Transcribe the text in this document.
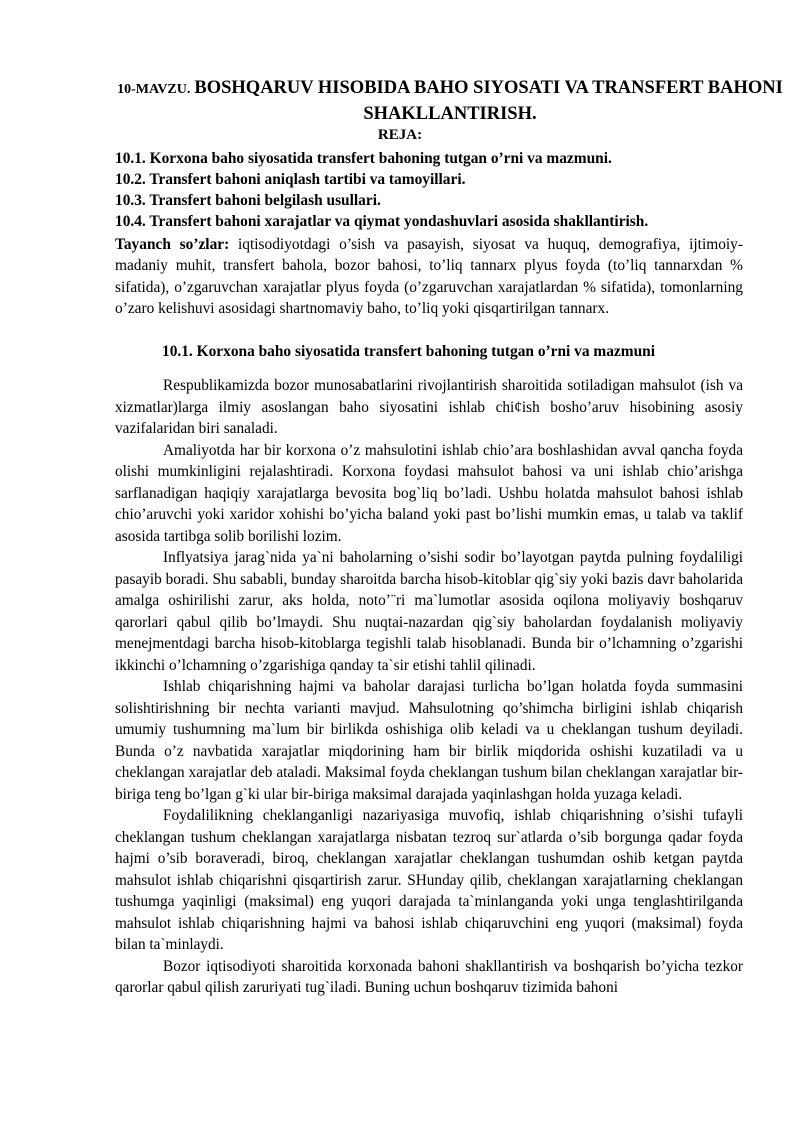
10-MAVZU. BOSHQARUV HISOBIDA BAHO SIYOSATI VA TRANSFERT BAHONI SHAKLLANTIRISH.
REJA:
10.1. Korxona baho siyosatida transfert bahoning tutgan o’rni va mazmuni.
10.2. Transfert bahoni aniqlash tartibi va tamoyillari.
10.3. Transfert bahoni belgilash usullari.
10.4. Transfert bahoni xarajatlar va qiymat yondashuvlari asosida shakllantirish.
Tayanch so’zlar: iqtisodiyotdagi o’sish va pasayish, siyosat va huquq, demografiya, ijtimoiy-madaniy muhit, transfert bahola, bozor bahosi, to’liq tannarx plyus foyda (to’liq tannarxdan % sifatida), o’zgaruvchan xarajatlar plyus foyda (o’zgaruvchan xarajatlardan % sifatida), tomonlarning o’zaro kelishuvi asosidagi shartnomaviy baho, to’liq yoki qisqartirilgan tannarx.
10.1. Korxona baho siyosatida transfert bahoning tutgan o’rni va mazmuni

Respublikamizda bozor munosabatlarini rivojlantirish sharoitida sotiladigan mahsulot (ish va xizmatlar)larga ilmiy asoslangan baho siyosatini ishlab chi¢ish bosho’aruv hisobining asosiy vazifalaridan biri sanaladi.

Amaliyotda har bir korxona o’z mahsulotini ishlab chio’ara boshlashidan avval qancha foyda olishi mumkinligini rejalashtiradi. Korxona foydasi mahsulot bahosi va uni ishlab chio’arishga sarflanadigan haqiqiy xarajatlarga bevosita bog`liq bo’ladi. Ushbu holatda mahsulot bahosi ishlab chio’aruvchi yoki xaridor xohishi bo’yicha baland yoki past bo’lishi mumkin emas, u talab va taklif asosida tartibga solib borilishi lozim.

Inflyatsiya jarag`nida ya`ni baholarning o’sishi sodir bo’layotgan paytda pulning foydaliligi pasayib boradi. Shu sababli, bunday sharoitda barcha hisob-kitoblar qig`siy yoki bazis davr baholarida amalga oshirilishi zarur, aks holda, noto’¨ri ma`lumotlar asosida oqilona moliyaviy boshqaruv qarorlari qabul qilib bo’lmaydi. Shu nuqtai-nazardan qig`siy baholardan foydalanish moliyaviy menejmentdagi barcha hisob-kitoblarga tegishli talab hisoblanadi. Bunda bir o’lchamning o’zgarishi ikkinchi o’lchamning o’zgarishiga qanday ta`sir etishi tahlil qilinadi.

Ishlab chiqarishning hajmi va baholar darajasi turlicha bo’lgan holatda foyda summasini solishtirishning bir nechta varianti mavjud. Mahsulotning qo’shimcha birligini ishlab chiqarish umumiy tushumning ma`lum bir birlikda oshishiga olib keladi va u cheklangan tushum deyiladi. Bunda o’z navbatida xarajatlar miqdorining ham bir birlik miqdorida oshishi kuzatiladi va u cheklangan xarajatlar deb ataladi. Maksimal foyda cheklangan tushum bilan cheklangan xarajatlar bir-biriga teng bo’lgan g`ki ular bir-biriga maksimal darajada yaqinlashgan holda yuzaga keladi.

Foydalilikning cheklanganligi nazariyasiga muvofiq, ishlab chiqarishning o’sishi tufayli cheklangan tushum cheklangan xarajatlarga nisbatan tezroq sur`atlarda o’sib borgunga qadar foyda hajmi o’sib boraveradi, biroq, cheklangan xarajatlar cheklangan tushumdan oshib ketgan paytda mahsulot ishlab chiqarishni qisqartirish zarur. SHunday qilib, cheklangan xarajatlarning cheklangan tushumga yaqinligi (maksimal) eng yuqori darajada ta`minlanganda yoki unga tenglashtirilganda mahsulot ishlab chiqarishning hajmi va bahosi ishlab chiqaruvchini eng yuqori (maksimal) foyda bilan ta`minlaydi.

Bozor iqtisodiyoti sharoitida korxonada bahoni shakllantirish va boshqarish bo’yicha tezkor qarorlar qabul qilish zaruriyati tug`iladi. Buning uchun boshqaruv tizimida bahoni
